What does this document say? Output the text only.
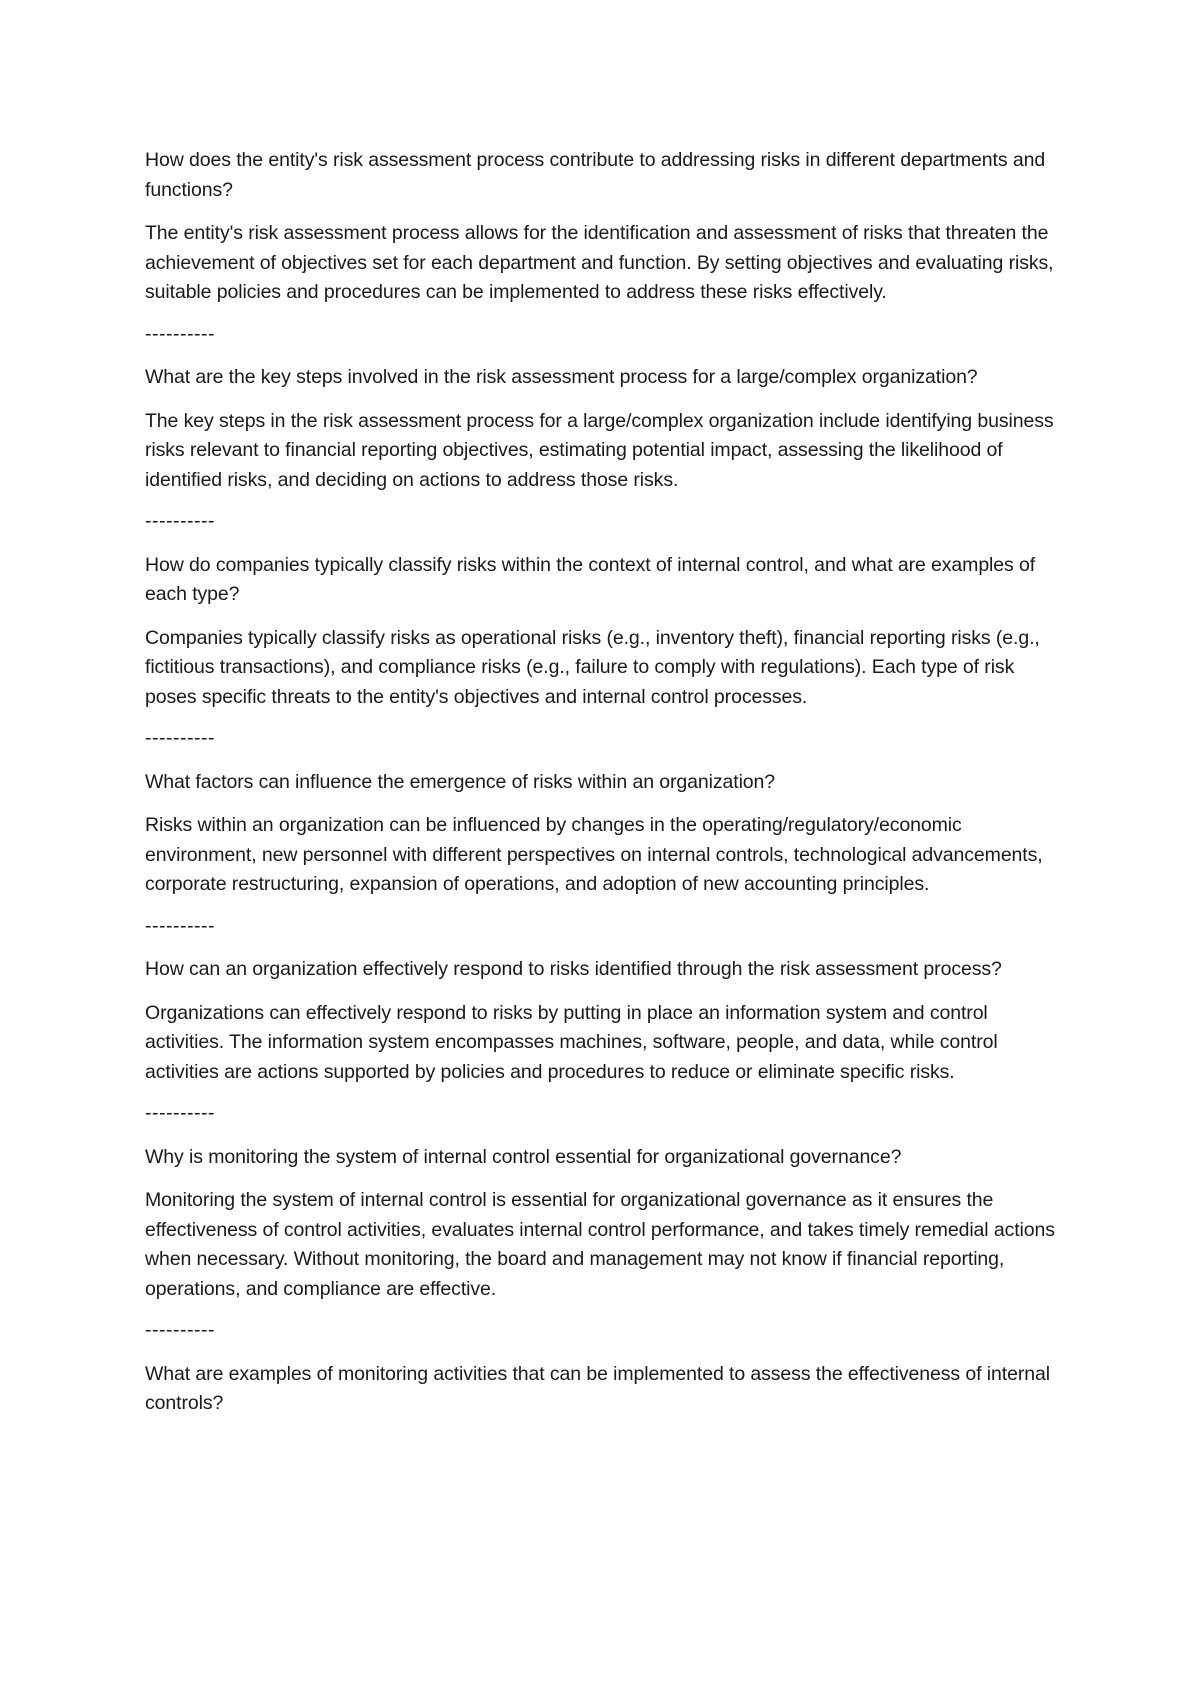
How does the entity's risk assessment process contribute to addressing risks in different departments and functions?

The entity's risk assessment process allows for the identification and assessment of risks that threaten the achievement of objectives set for each department and function. By setting objectives and evaluating risks, suitable policies and procedures can be implemented to address these risks effectively.

----------

What are the key steps involved in the risk assessment process for a large/complex organization?

The key steps in the risk assessment process for a large/complex organization include identifying business risks relevant to financial reporting objectives, estimating potential impact, assessing the likelihood of identified risks, and deciding on actions to address those risks.

----------

How do companies typically classify risks within the context of internal control, and what are examples of each type?

Companies typically classify risks as operational risks (e.g., inventory theft), financial reporting risks (e.g., fictitious transactions), and compliance risks (e.g., failure to comply with regulations). Each type of risk poses specific threats to the entity's objectives and internal control processes.

----------

What factors can influence the emergence of risks within an organization?

Risks within an organization can be influenced by changes in the operating/regulatory/economic environment, new personnel with different perspectives on internal controls, technological advancements, corporate restructuring, expansion of operations, and adoption of new accounting principles.

----------

How can an organization effectively respond to risks identified through the risk assessment process?

Organizations can effectively respond to risks by putting in place an information system and control activities. The information system encompasses machines, software, people, and data, while control activities are actions supported by policies and procedures to reduce or eliminate specific risks.

----------

Why is monitoring the system of internal control essential for organizational governance?

Monitoring the system of internal control is essential for organizational governance as it ensures the effectiveness of control activities, evaluates internal control performance, and takes timely remedial actions when necessary. Without monitoring, the board and management may not know if financial reporting, operations, and compliance are effective.

----------

What are examples of monitoring activities that can be implemented to assess the effectiveness of internal controls?
